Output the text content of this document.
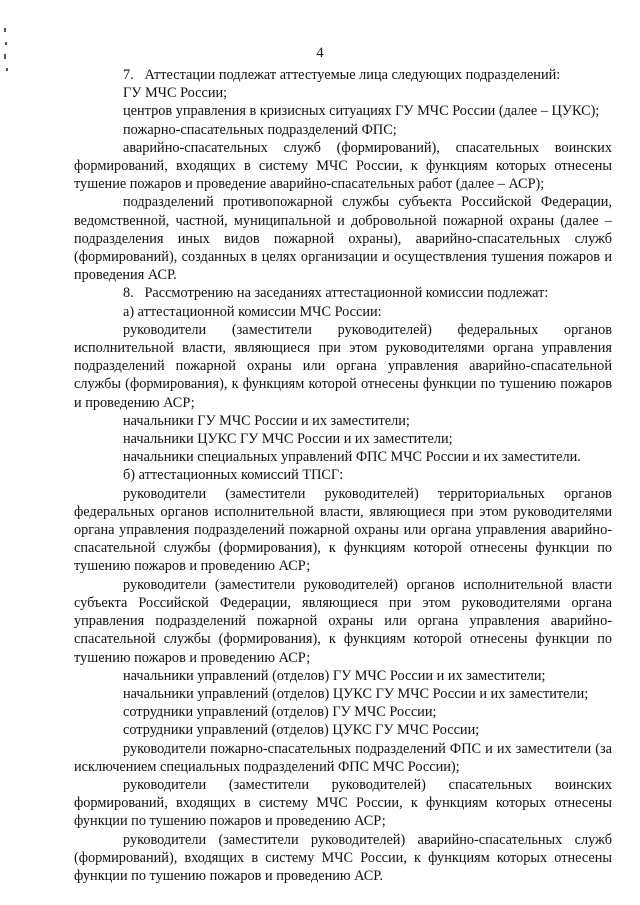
4

7.   Аттестации подлежат аттестуемые лица следующих подразделений:

ГУ МЧС России;

центров управления в кризисных ситуациях ГУ МЧС России (далее – ЦУКС);

пожарно-спасательных подразделений ФПС;

аварийно-спасательных служб (формирований), спасательных воинских формирований, входящих в систему МЧС России, к функциям которых отнесены тушение пожаров и проведение аварийно-спасательных работ (далее – АСР);

подразделений противопожарной службы субъекта Российской Федерации, ведомственной, частной, муниципальной и добровольной пожарной охраны (далее – подразделения иных видов пожарной охраны), аварийно-спасательных служб (формирований), созданных в целях организации и осуществления тушения пожаров и проведения АСР.

8.   Рассмотрению на заседаниях аттестационной комиссии подлежат:

а) аттестационной комиссии МЧС России:

руководители (заместители руководителей) федеральных органов исполнительной власти, являющиеся при этом руководителями органа управления подразделений пожарной охраны или органа управления аварийно-спасательной службы (формирования), к функциям которой отнесены функции по тушению пожаров и проведению АСР;

начальники ГУ МЧС России и их заместители;

начальники ЦУКС ГУ МЧС России и их заместители;

начальники специальных управлений ФПС МЧС России и их заместители.

б) аттестационных комиссий ТПСГ:

руководители (заместители руководителей) территориальных органов федеральных органов исполнительной власти, являющиеся при этом руководителями органа управления подразделений пожарной охраны или органа управления аварийно-спасательной службы (формирования), к функциям которой отнесены функции по тушению пожаров и проведению АСР;

руководители (заместители руководителей) органов исполнительной власти субъекта Российской Федерации, являющиеся при этом руководителями органа управления подразделений пожарной охраны или органа управления аварийно-спасательной службы (формирования), к функциям которой отнесены функции по тушению пожаров и проведению АСР;

начальники управлений (отделов) ГУ МЧС России и их заместители;

начальники управлений (отделов) ЦУКС ГУ МЧС России и их заместители;

сотрудники управлений (отделов) ГУ МЧС России;

сотрудники управлений (отделов) ЦУКС ГУ МЧС России;

руководители пожарно-спасательных подразделений ФПС и их заместители (за исключением специальных подразделений ФПС МЧС России);

руководители (заместители руководителей) спасательных воинских формирований, входящих в систему МЧС России, к функциям которых отнесены функции по тушению пожаров и проведению АСР;

руководители (заместители руководителей) аварийно-спасательных служб (формирований), входящих в систему МЧС России, к функциям которых отнесены функции по тушению пожаров и проведению АСР.
